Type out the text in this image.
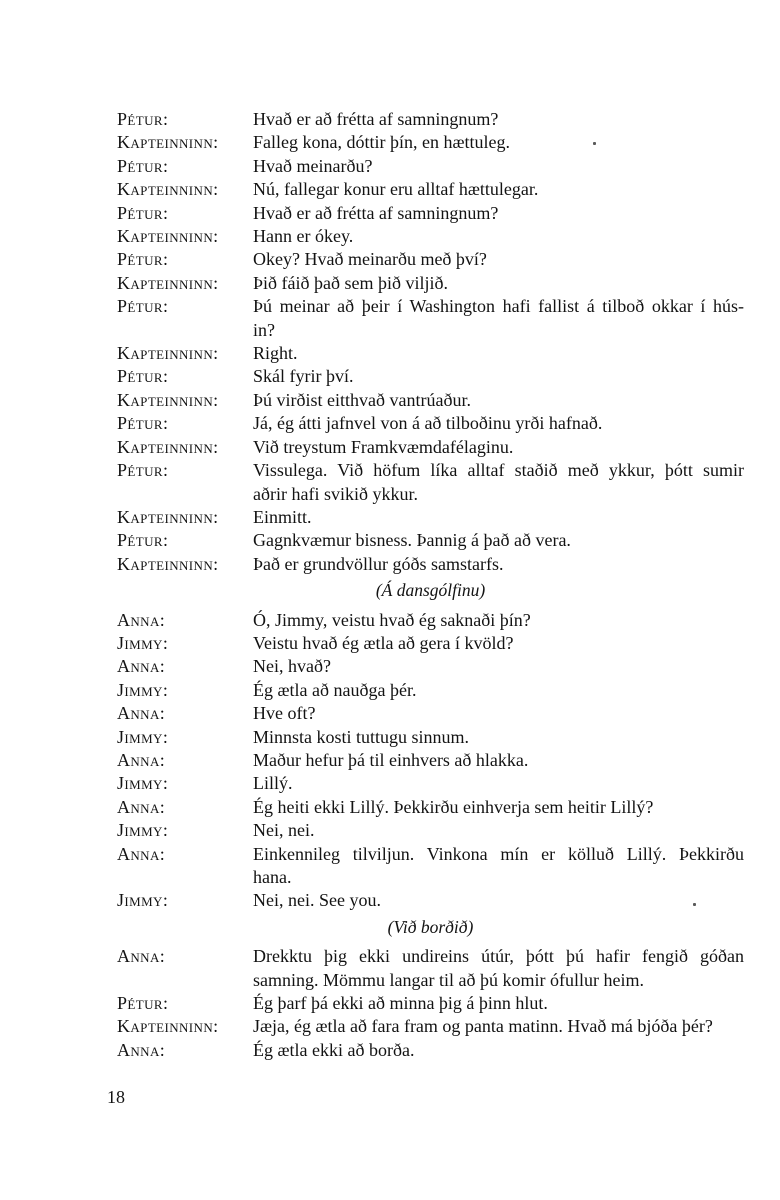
Pétur:	Hvað er að frétta af samningnum?
Kapteinninn:	Falleg kona, dóttir þín, en hættuleg.
Pétur:	Hvað meinarðu?
Kapteinninn:	Nú, fallegar konur eru alltaf hættulegar.
Pétur:	Hvað er að frétta af samningnum?
Kapteinninn:	Hann er ókey.
Pétur:	Okey? Hvað meinarðu með því?
Kapteinninn:	Þið fáið það sem þið viljið.
Pétur:	Þú meinar að þeir í Washington hafi fallist á tilboð okkar í hús-
in?
Kapteinninn:	Right.
Pétur:	Skál fyrir því.
Kapteinninn:	Þú virðist eitthvað vantrúaður.
Pétur:	Já, ég átti jafnvel von á að tilboðinu yrði hafnað.
Kapteinninn:	Við treystum Framkvæmdafélaginu.
Pétur:	Vissulega. Við höfum líka alltaf staðið með ykkur, þótt sumir
aðrir hafi svikið ykkur.
Kapteinninn:	Einmitt.
Pétur:	Gagnkvæmur bisness. Þannig á það að vera.
Kapteinninn:	Það er grundvöllur góðs samstarfs.
(Á dansgólfinu)
Anna:	Ó, Jimmy, veistu hvað ég saknaði þín?
Jimmy:	Veistu hvað ég ætla að gera í kvöld?
Anna:	Nei, hvað?
Jimmy:	Ég ætla að nauðga þér.
Anna:	Hve oft?
Jimmy:	Minnsta kosti tuttugu sinnum.
Anna:	Maður hefur þá til einhvers að hlakka.
Jimmy:	Lillý.
Anna:	Ég heiti ekki Lillý. Þekkirðu einhverja sem heitir Lillý?
Jimmy:	Nei, nei.
Anna:	Einkennileg tilviljun. Vinkona mín er kölluð Lillý. Þekkirðu
hana.
Jimmy:	Nei, nei. See you.
(Við borðið)
Anna:	Drekktu þig ekki undireins útúr, þótt þú hafir fengið góðan
samning. Mömmu langar til að þú komir ófullur heim.
Pétur:	Ég þarf þá ekki að minna þig á þinn hlut.
Kapteinninn:	Jæja, ég ætla að fara fram og panta matinn. Hvað má bjóða þér?
Anna:	Ég ætla ekki að borða.
18
